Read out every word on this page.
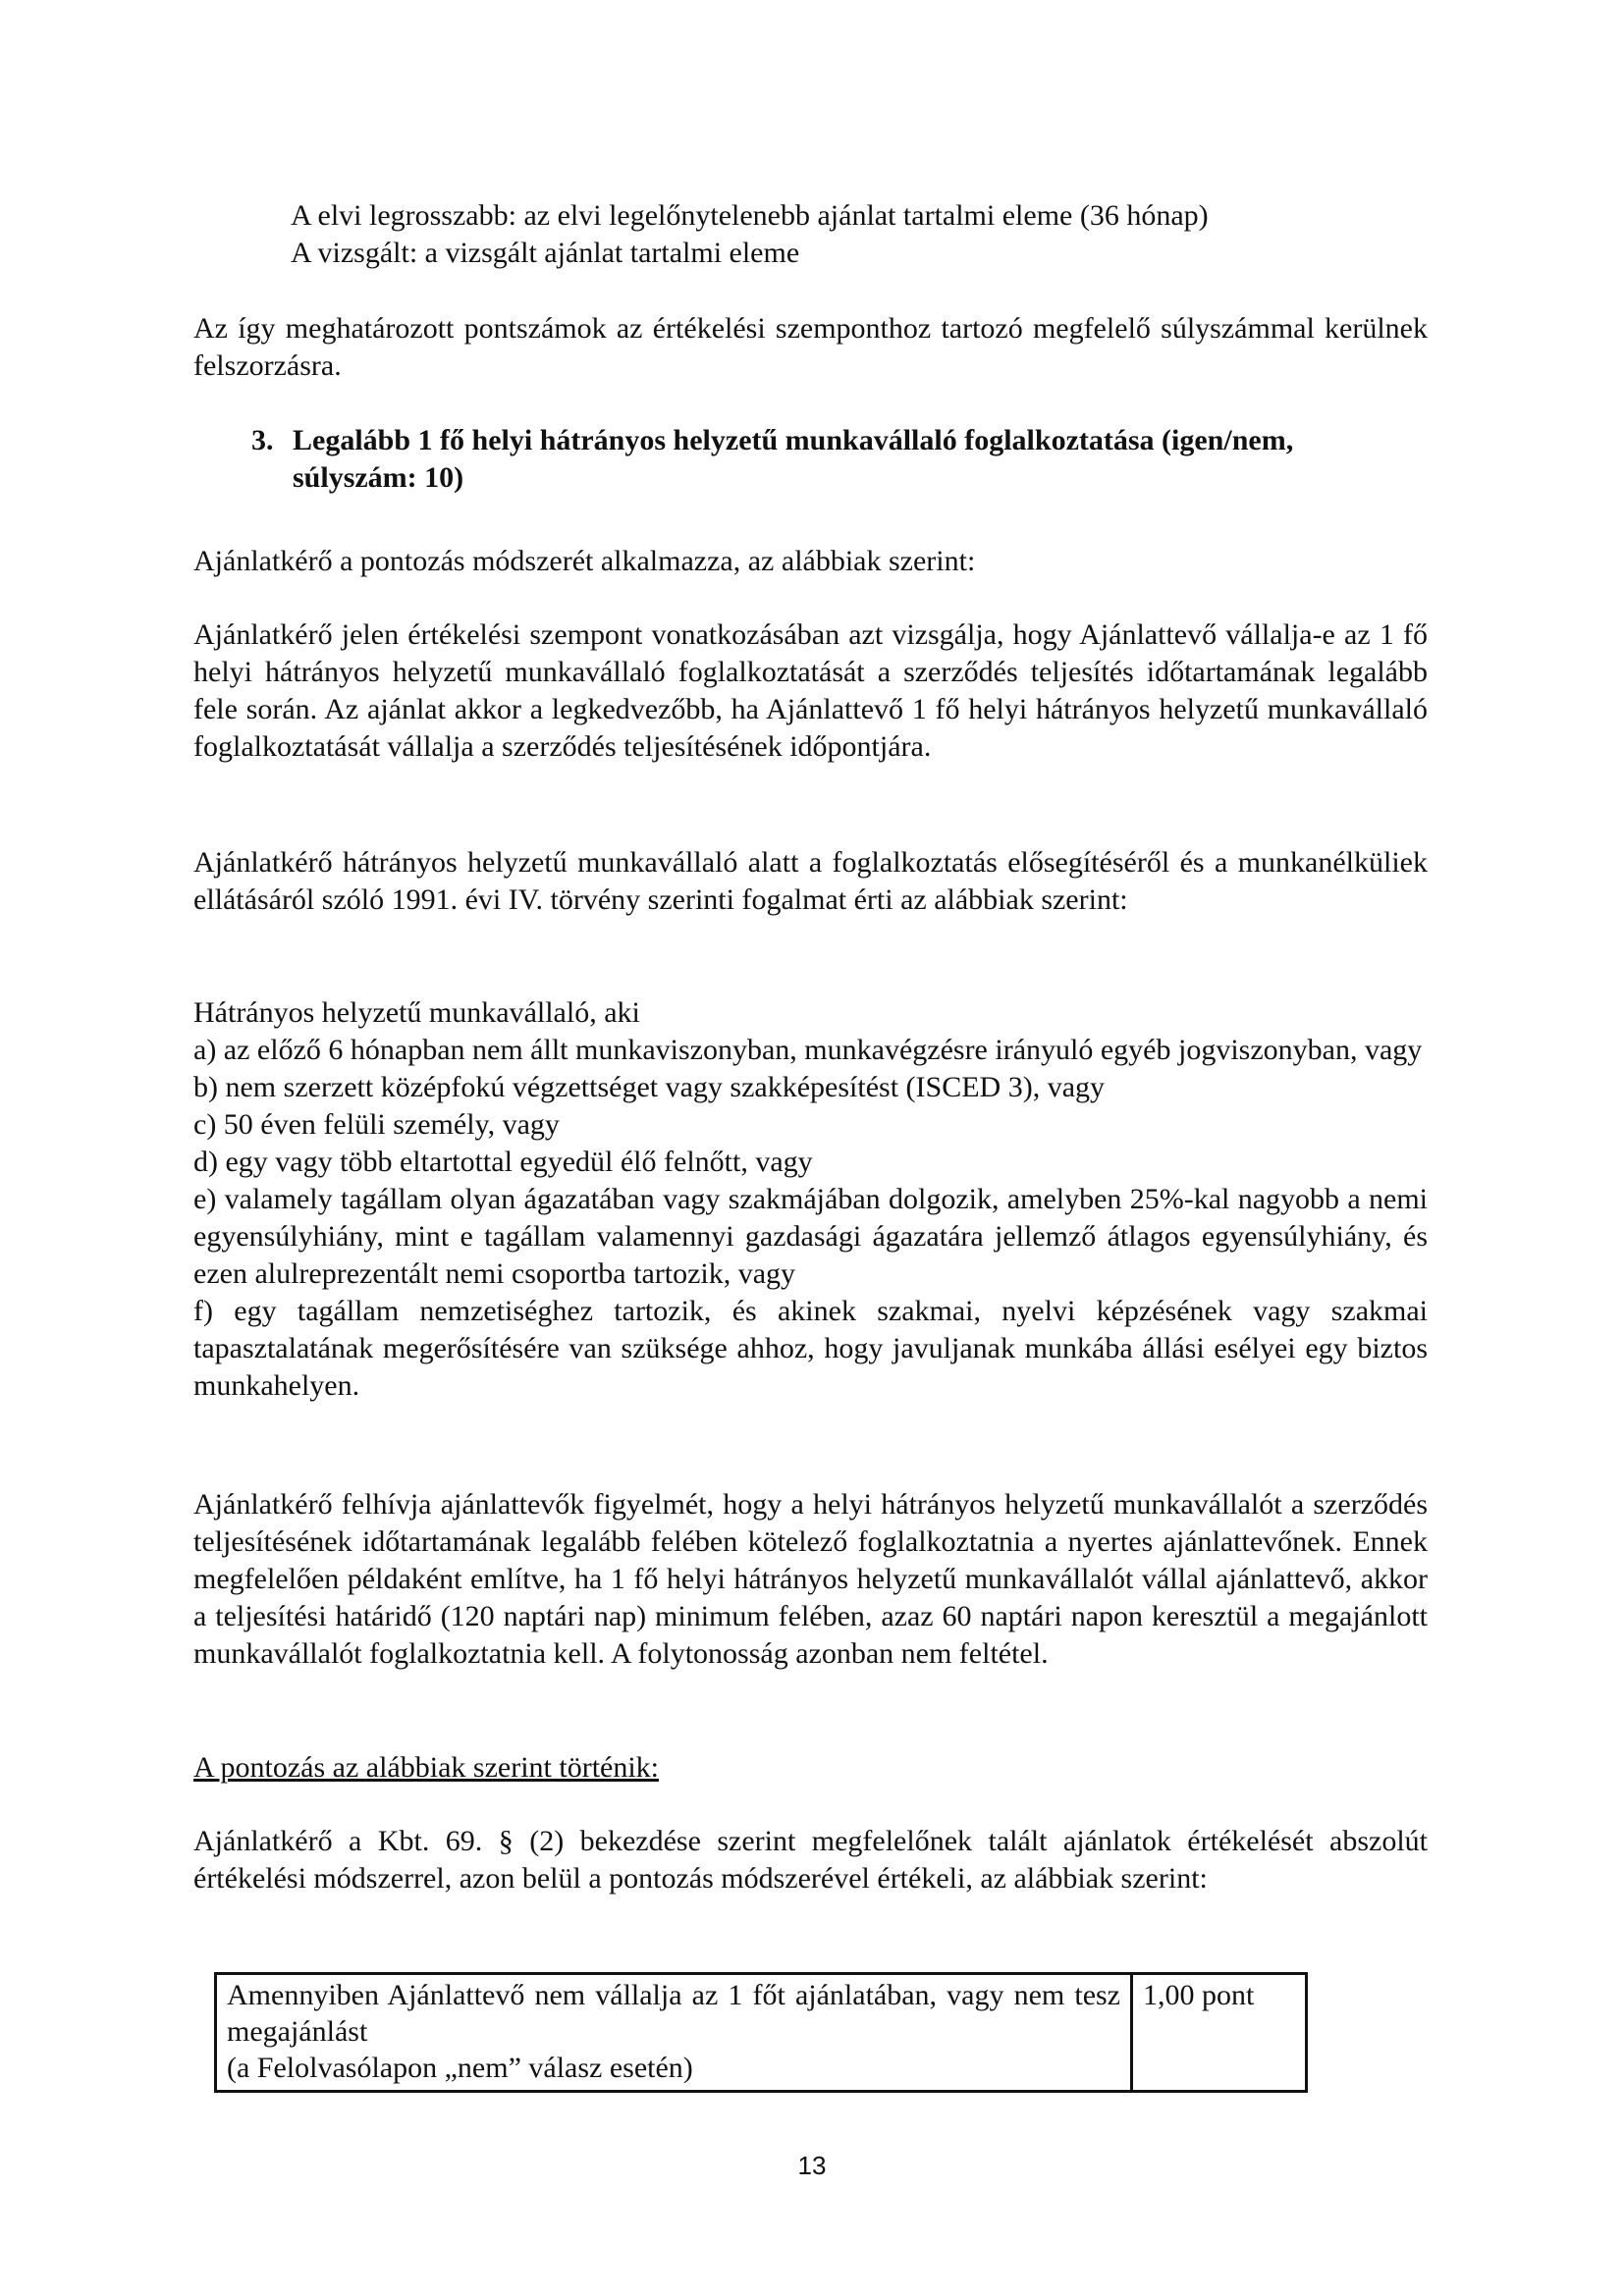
A elvi legrosszabb: az elvi legelőnytelenebb ajánlat tartalmi eleme (36 hónap)
A vizsgált: a vizsgált ajánlat tartalmi eleme

Az így meghatározott pontszámok az értékelési szemponthoz tartozó megfelelő súlyszámmal kerülnek felszorzásra.

3. Legalább 1 fő helyi hátrányos helyzetű munkavállaló foglalkoztatása (igen/nem,
súlyszám: 10)

Ajánlatkérő a pontozás módszerét alkalmazza, az alábbiak szerint:

Ajánlatkérő jelen értékelési szempont vonatkozásában azt vizsgálja, hogy Ajánlattevő vállalja-e az 1 fő helyi hátrányos helyzetű munkavállaló foglalkoztatását a szerződés teljesítés időtartamának legalább fele során. Az ajánlat akkor a legkedvezőbb, ha Ajánlattevő 1 fő helyi hátrányos helyzetű munkavállaló foglalkoztatását vállalja a szerződés teljesítésének időpontjára.

Ajánlatkérő hátrányos helyzetű munkavállaló alatt a foglalkoztatás elősegítéséről és a munkanélküliek ellátásáról szóló 1991. évi IV. törvény szerinti fogalmat érti az alábbiak szerint:

Hátrányos helyzetű munkavállaló, aki
a) az előző 6 hónapban nem állt munkaviszonyban, munkavégzésre irányuló egyéb jogviszonyban, vagy
b) nem szerzett középfokú végzettséget vagy szakképesítést (ISCED 3), vagy
c) 50 éven felüli személy, vagy
d) egy vagy több eltartottal egyedül élő felnőtt, vagy
e) valamely tagállam olyan ágazatában vagy szakmájában dolgozik, amelyben 25%-kal nagyobb a nemi egyensúlyhiány, mint e tagállam valamennyi gazdasági ágazatára jellemző átlagos egyensúlyhiány, és ezen alulreprezentált nemi csoportba tartozik, vagy
f) egy tagállam nemzetiséghez tartozik, és akinek szakmai, nyelvi képzésének vagy szakmai tapasztalatának megerősítésére van szüksége ahhoz, hogy javuljanak munkába állási esélyei egy biztos munkahelyen.

Ajánlatkérő felhívja ajánlattevők figyelmét, hogy a helyi hátrányos helyzetű munkavállalót a szerződés teljesítésének időtartamának legalább felében kötelező foglalkoztatnia a nyertes ajánlattevőnek. Ennek megfelelően példaként említve, ha 1 fő helyi hátrányos helyzetű munkavállalót vállal ajánlattevő, akkor a teljesítési határidő (120 naptári nap) minimum felében, azaz 60 naptári napon keresztül a megajánlott munkavállalót foglalkoztatnia kell. A folytonosság azonban nem feltétel.

A pontozás az alábbiak szerint történik:

Ajánlatkérő a Kbt. 69. § (2) bekezdése szerint megfelelőnek talált ajánlatok értékelését abszolút értékelési módszerrel, azon belül a pontozás módszerével értékeli, az alábbiak szerint:

Amennyiben Ajánlattevő nem vállalja az 1 főt ajánlatában, vagy nem tesz megajánlást
(a Felolvasólapon „nem” válasz esetén)	1,00 pont
13
